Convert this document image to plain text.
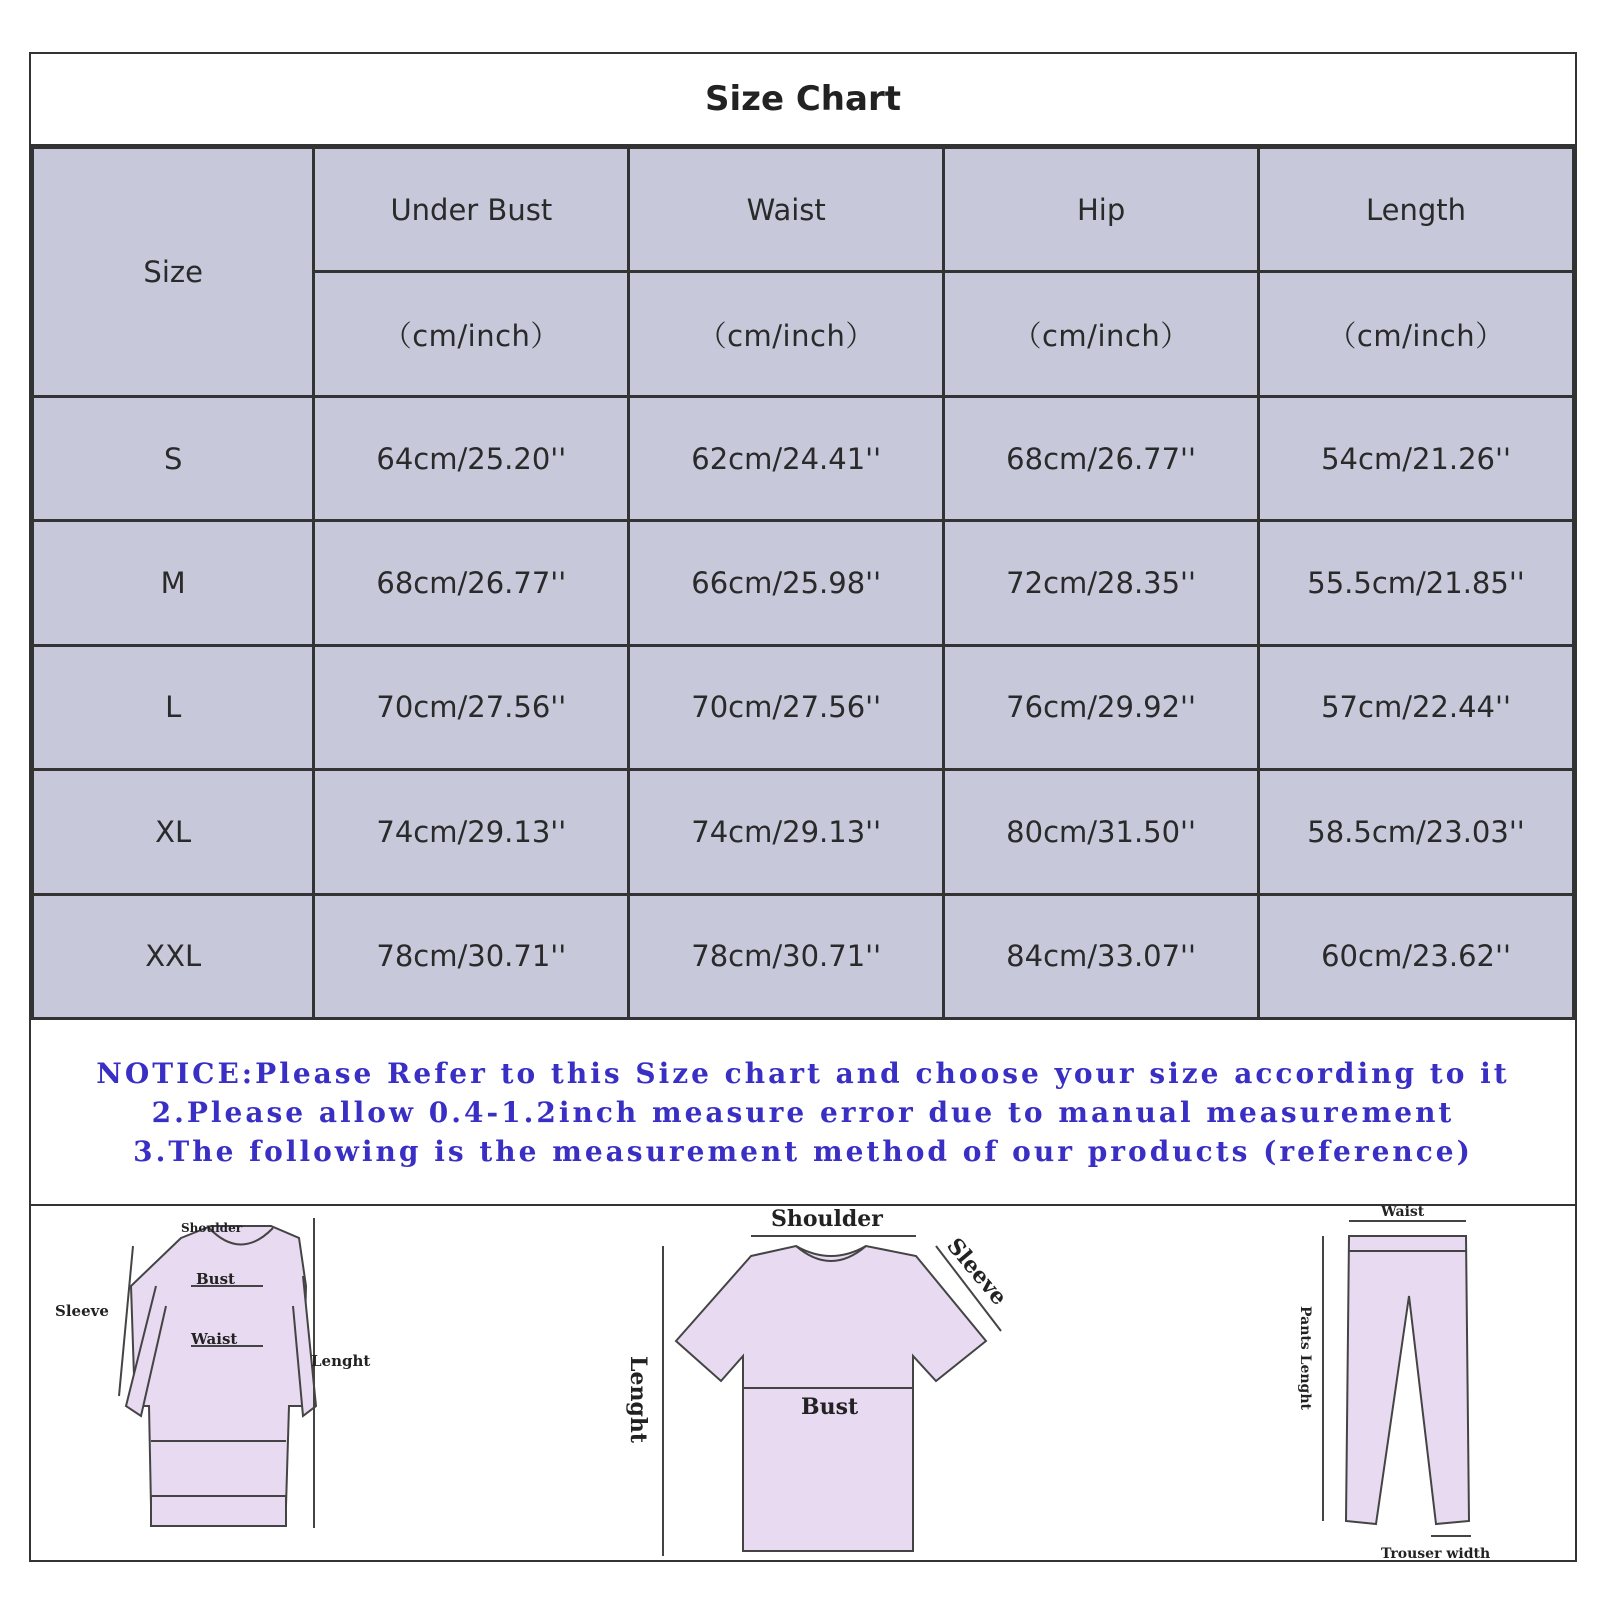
Size Chart
Size	Under Bust	Waist	Hip	Length
	（cm/inch）	（cm/inch）	（cm/inch）	（cm/inch）
S	64cm/25.20''	62cm/24.41''	68cm/26.77''	54cm/21.26''
M	68cm/26.77''	66cm/25.98''	72cm/28.35''	55.5cm/21.85''
L	70cm/27.56''	70cm/27.56''	76cm/29.92''	57cm/22.44''
XL	74cm/29.13''	74cm/29.13''	80cm/31.50''	58.5cm/23.03''
XXL	78cm/30.71''	78cm/30.71''	84cm/33.07''	60cm/23.62''
NOTICE:Please Refer to this Size chart and choose your size according to it
2.Please allow 0.4-1.2inch measure error due to manual measurement
3.The following is the measurement method of our products (reference)
Shoulder
Bust
Waist
Sleeve
Lenght
Shoulder
Sleeve
Lenght	Bust
Waist
Pants Lenght
Trouser width
